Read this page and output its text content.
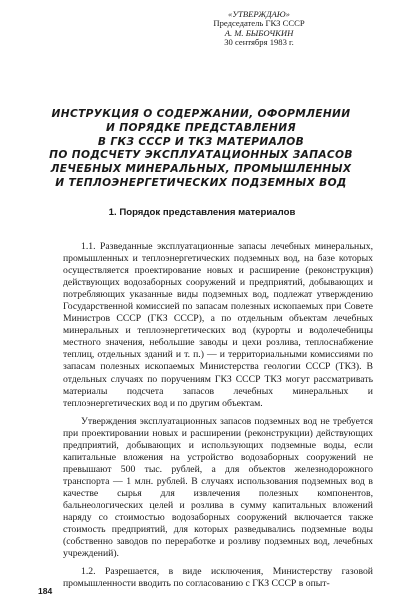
«УТВЕРЖДАЮ»
Председатель ГКЗ СССР
А. М. БЫБОЧКИН
30 сентября 1983 г.
ИНСТРУКЦИЯ О СОДЕРЖАНИИ, ОФОРМЛЕНИИ
И ПОРЯДКЕ ПРЕДСТАВЛЕНИЯ
В ГКЗ СССР И ТКЗ МАТЕРИАЛОВ
ПО ПОДСЧЕТУ ЭКСПЛУАТАЦИОННЫХ ЗАПАСОВ
ЛЕЧЕБНЫХ МИНЕРАЛЬНЫХ, ПРОМЫШЛЕННЫХ
И ТЕПЛОЭНЕРГЕТИЧЕСКИХ ПОДЗЕМНЫХ ВОД
1. Порядок представления материалов

1.1. Разведанные эксплуатационные запасы лечебных минеральных, промышленных и теплоэнергетических подземных вод, на базе которых осуществляется проектирование новых и расширение (реконструкция) действующих водозаборных сооружений и предприятий, добывающих и потребляющих указанные виды подземных вод, подлежат утверждению Государственной комиссией по запасам полезных ископаемых при Совете Министров СССР (ГКЗ СССР), а по отдельным объектам лечебных минеральных и теплоэнергетических вод (курорты и водолечебницы местного значения, небольшие заводы и цехи розлива, теплоснабжение теплиц, отдельных зданий и т. п.) — и территориальными комиссиями по запасам полезных ископаемых Министерства геологии СССР (ТКЗ). В отдельных случаях по поручениям ГКЗ СССР ТКЗ могут рассматривать материалы подсчета запасов лечебных минеральных и теплоэнергетических вод и по другим объектам.

Утверждения эксплуатационных запасов подземных вод не требуется при проектировании новых и расширении (реконструкции) действующих предприятий, добывающих и использующих подземные воды, если капитальные вложения на устройство водозаборных сооружений не превышают 500 тыс. рублей, а для объектов железнодорожного транспорта — 1 млн. рублей. В случаях использования подземных вод в качестве сырья для извлечения полезных компонентов, бальнеологических целей и розлива в сумму капитальных вложений наряду со стоимостью водозаборных сооружений включается также стоимость предприятий, для которых разведывались подземные воды (собственно заводов по переработке и розливу подземных вод, лечебных учреждений).

1.2. Разрешается, в виде исключения, Министерству газовой промышленности вводить по согласованию с ГКЗ СССР в опыт-

184
